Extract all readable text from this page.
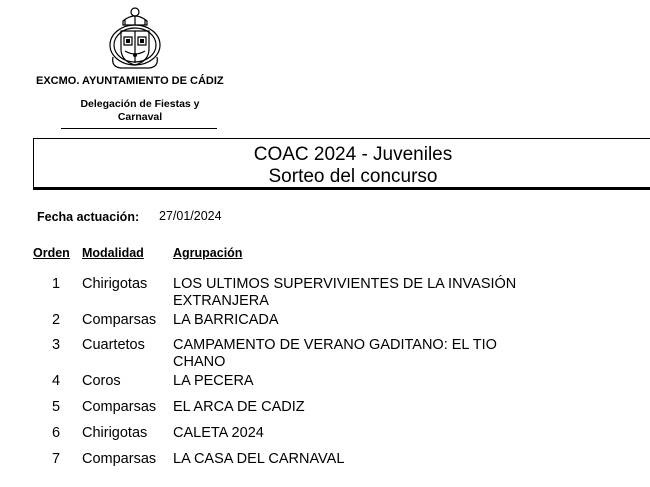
EXCMO. AYUNTAMIENTO DE CÁDIZ
Delegación de Fiestas y Carnaval
COAC 2024 - Juveniles
Sorteo del concurso
Fecha actuación: 27/01/2024
Orden Modalidad Agrupación
1	Chirigotas LOS ULTIMOS SUPERVIVIENTES DE LA INVASIÓN EXTRANJERA
2	Comparsas LA BARRICADA
3	Cuartetos CAMPAMENTO DE VERANO GADITANO: EL TIO CHANO
4	Coros	LA PECERA
5	Comparsas EL ARCA DE CADIZ
6	Chirigotas CALETA 2024
7	Comparsas LA CASA DEL CARNAVAL
